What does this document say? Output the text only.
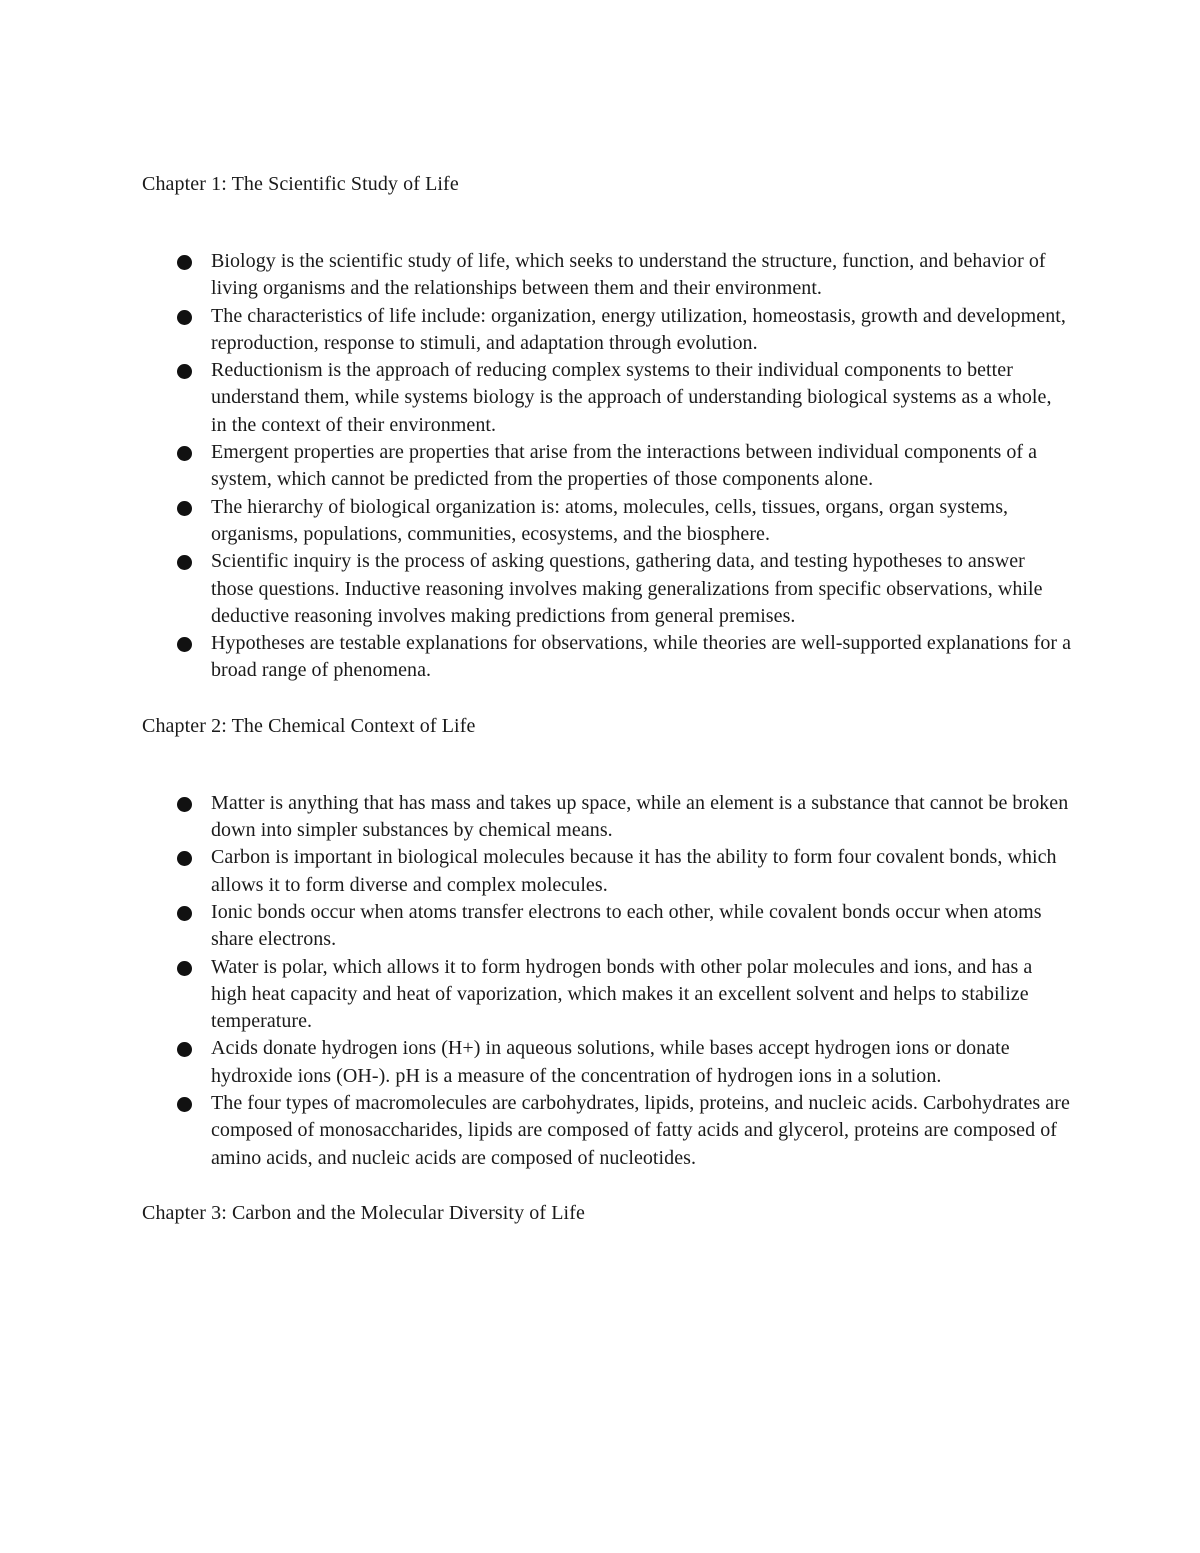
Chapter 1: The Scientific Study of Life
Biology is the scientific study of life, which seeks to understand the structure, function, and behavior of living organisms and the relationships between them and their environment.
The characteristics of life include: organization, energy utilization, homeostasis, growth and development, reproduction, response to stimuli, and adaptation through evolution.
Reductionism is the approach of reducing complex systems to their individual components to better understand them, while systems biology is the approach of understanding biological systems as a whole, in the context of their environment.
Emergent properties are properties that arise from the interactions between individual components of a system, which cannot be predicted from the properties of those components alone.
The hierarchy of biological organization is: atoms, molecules, cells, tissues, organs, organ systems, organisms, populations, communities, ecosystems, and the biosphere.
Scientific inquiry is the process of asking questions, gathering data, and testing hypotheses to answer those questions. Inductive reasoning involves making generalizations from specific observations, while deductive reasoning involves making predictions from general premises.
Hypotheses are testable explanations for observations, while theories are well-supported explanations for a broad range of phenomena.
Chapter 2: The Chemical Context of Life
Matter is anything that has mass and takes up space, while an element is a substance that cannot be broken down into simpler substances by chemical means.
Carbon is important in biological molecules because it has the ability to form four covalent bonds, which allows it to form diverse and complex molecules.
Ionic bonds occur when atoms transfer electrons to each other, while covalent bonds occur when atoms share electrons.
Water is polar, which allows it to form hydrogen bonds with other polar molecules and ions, and has a high heat capacity and heat of vaporization, which makes it an excellent solvent and helps to stabilize temperature.
Acids donate hydrogen ions (H+) in aqueous solutions, while bases accept hydrogen ions or donate hydroxide ions (OH-). pH is a measure of the concentration of hydrogen ions in a solution.
The four types of macromolecules are carbohydrates, lipids, proteins, and nucleic acids. Carbohydrates are composed of monosaccharides, lipids are composed of fatty acids and glycerol, proteins are composed of amino acids, and nucleic acids are composed of nucleotides.
Chapter 3: Carbon and the Molecular Diversity of Life
